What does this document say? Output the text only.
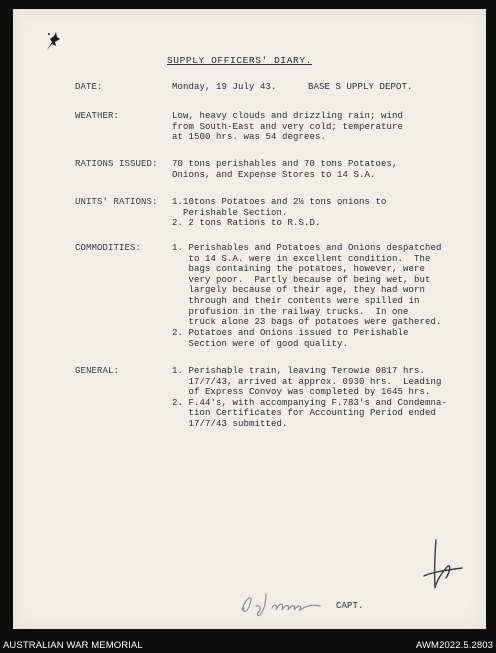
SUPPLY OFFICERS' DIARY.
DATE:	Monday, 19 July 43.	BASE S UPPLY DEPOT.
WEATHER:	Low, heavy clouds and drizzling rain; wind
from South-East and very cold; temperature
at 1500 hrs. was 54 degrees.
RATIONS ISSUED: 70 tons perishables and 70 tons Potatoes,
Onions, and Expense Stores to 14 S.A.
UNITS' RATIONS: 1.10tons Potatoes and 2½ tons onions to
Perishable Section.
2. 2 tons Rations to R.S.D.
COMMODITIES:	1. Perishables and Potatoes and Onions despatched
to 14 S.A. were in excellent condition.  The
bags containing the potatoes, however, were
very poor.  Partly because of being wet, but
largely because of their age, they had worn
through and their contents were spilled in
profusion in the railway trucks.  In one
truck alone 23 bags of potatoes were gathered.
2. Potatoes and Onions issued to Perishable
Section were of good quality.
GENERAL:	1. Perishable train, leaving Terowie 0817 hrs.
17/7/43, arrived at approx. 0930 hrs.  Leading
of Express Convoy was completed by 1645 hrs.
2. F.44's, with accompanying F.783's and Condemna-
tion Certificates for Accounting Period ended
17/7/43 submitted.
CAPT.
AUSTRALIAN WAR MEMORIAL	AWM2022.5.2803
